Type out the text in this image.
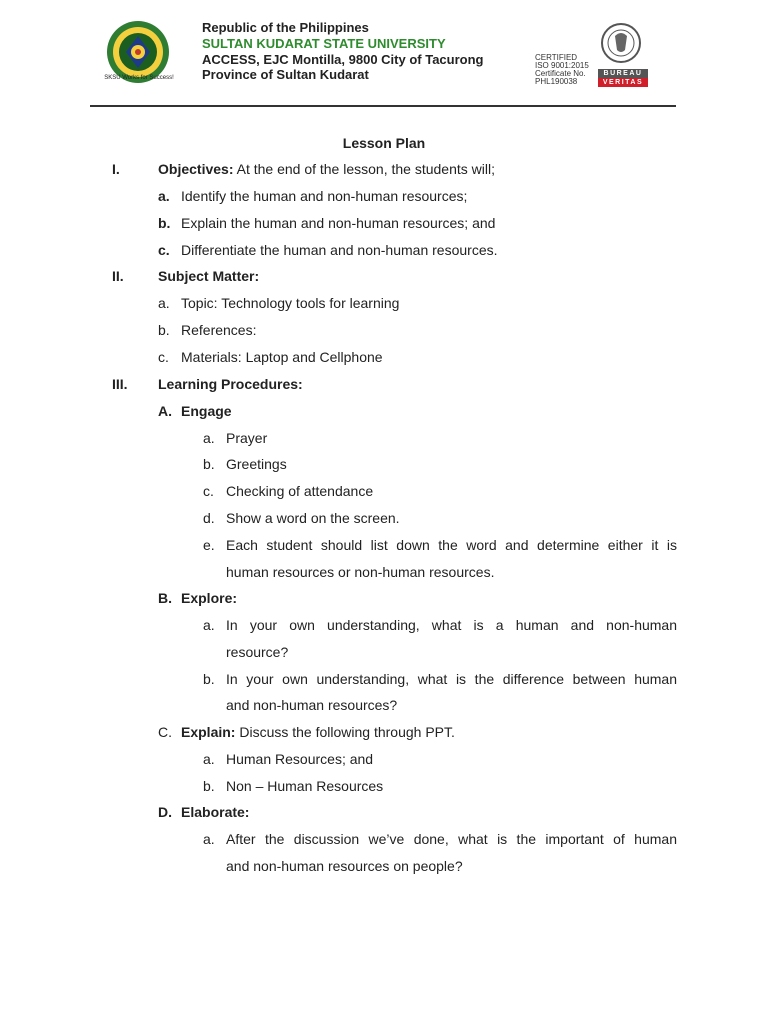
SKSU Works for Success!
Republic of the Philippines
SULTAN KUDARAT STATE UNIVERSITY
ACCESS, EJC Montilla, 9800 City of Tacurong
Province of Sultan Kudarat
CERTIFIED
ISO 9001:2015
Certificate No.
PHL190038
BUREAU
VERITAS
Lesson Plan
I.	Objectives: At the end of the lesson, the students will;
a. Identify the human and non-human resources;
b. Explain the human and non-human resources; and
c. Differentiate the human and non-human resources.
II. Subject Matter:
a. Topic: Technology tools for learning
b. References:
c. Materials: Laptop and Cellphone
III. Learning Procedures:
A. Engage
a. Prayer
b. Greetings
c. Checking of attendance
d. Show a word on the screen.
e. Each student should list down the word and determine either it is
human resources or non-human resources.
B. Explore:
a. In your own understanding, what is a human and non-human
resource?
b. In your own understanding, what is the difference between human
and non-human resources?
C. Explain: Discuss the following through PPT.
a. Human Resources; and
b. Non – Human Resources
D. Elaborate:
a. After the discussion we’ve done, what is the important of human
and non-human resources on people?
